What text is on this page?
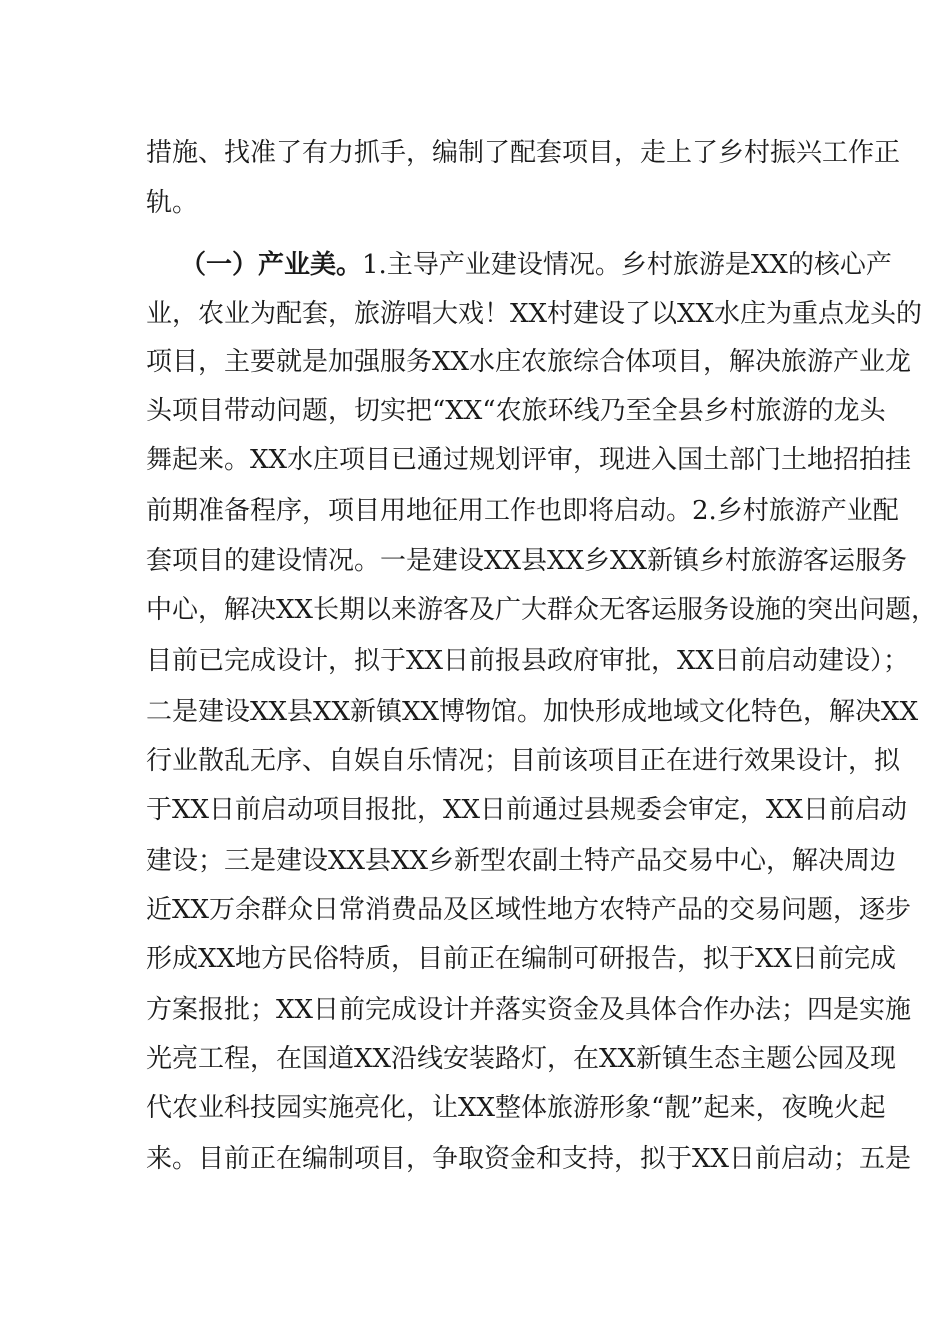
措施、找准了有力抓手，编制了配套项目，走上了乡村振兴工作正
轨。
（一）产业美。1.主导产业建设情况。乡村旅游是XX的核心产
业，农业为配套，旅游唱大戏！XX村建设了以XX水庄为重点龙头的
项目，主要就是加强服务XX水庄农旅综合体项目，解决旅游产业龙
头项目带动问题，切实把“XX“农旅环线乃至全县乡村旅游的龙头
舞起来。XX水庄项目已通过规划评审，现进入国土部门土地招拍挂
前期准备程序，项目用地征用工作也即将启动。2.乡村旅游产业配
套项目的建设情况。一是建设XX县XX乡XX新镇乡村旅游客运服务
中心，解决XX长期以来游客及广大群众无客运服务设施的突出问题，
目前已完成设计，拟于XX日前报县政府审批，XX日前启动建设）；
二是建设XX县XX新镇XX博物馆。加快形成地域文化特色，解决XX
行业散乱无序、自娱自乐情况；目前该项目正在进行效果设计，拟
于XX日前启动项目报批，XX日前通过县规委会审定，XX日前启动
建设；三是建设XX县XX乡新型农副土特产品交易中心，解决周边
近XX万余群众日常消费品及区域性地方农特产品的交易问题，逐步
形成XX地方民俗特质，目前正在编制可研报告，拟于XX日前完成
方案报批；XX日前完成设计并落实资金及具体合作办法；四是实施
光亮工程，在国道XX沿线安装路灯，在XX新镇生态主题公园及现
代农业科技园实施亮化，让XX整体旅游形象“靓”起来，夜晚火起
来。目前正在编制项目，争取资金和支持，拟于XX日前启动；五是
